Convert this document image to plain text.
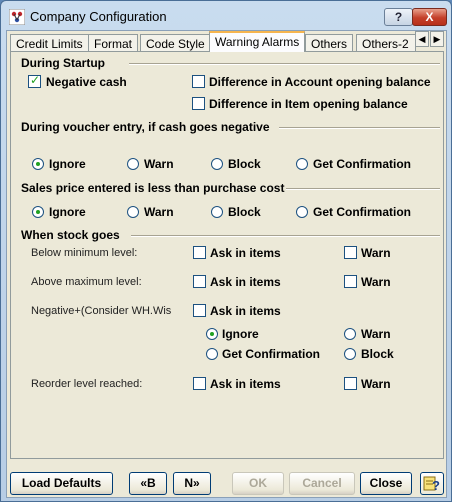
Company Configuration	?	X
Credit Limits Format	Code Style Warning Alarms Others	Others-2	◀ ▶
During Startup
✓
Negative cash	Difference in Account opening balance
Difference in Item opening balance
During voucher entry, if cash goes negative
Ignore	Warn	Block	Get Confirmation
Sales price entered is less than purchase cost
Ignore	Warn	Block	Get Confirmation
When stock goes
Below minimum level:	Ask in items	Warn
Above maximum level:	Ask in items	Warn
Negative+(Consider WH.Wis	Ask in items
Ignore	Warn
Get Confirmation	Block
Reorder level reached:	Ask in items	Warn
Load Defaults	«B	N»	OK	Cancel	Close	?
